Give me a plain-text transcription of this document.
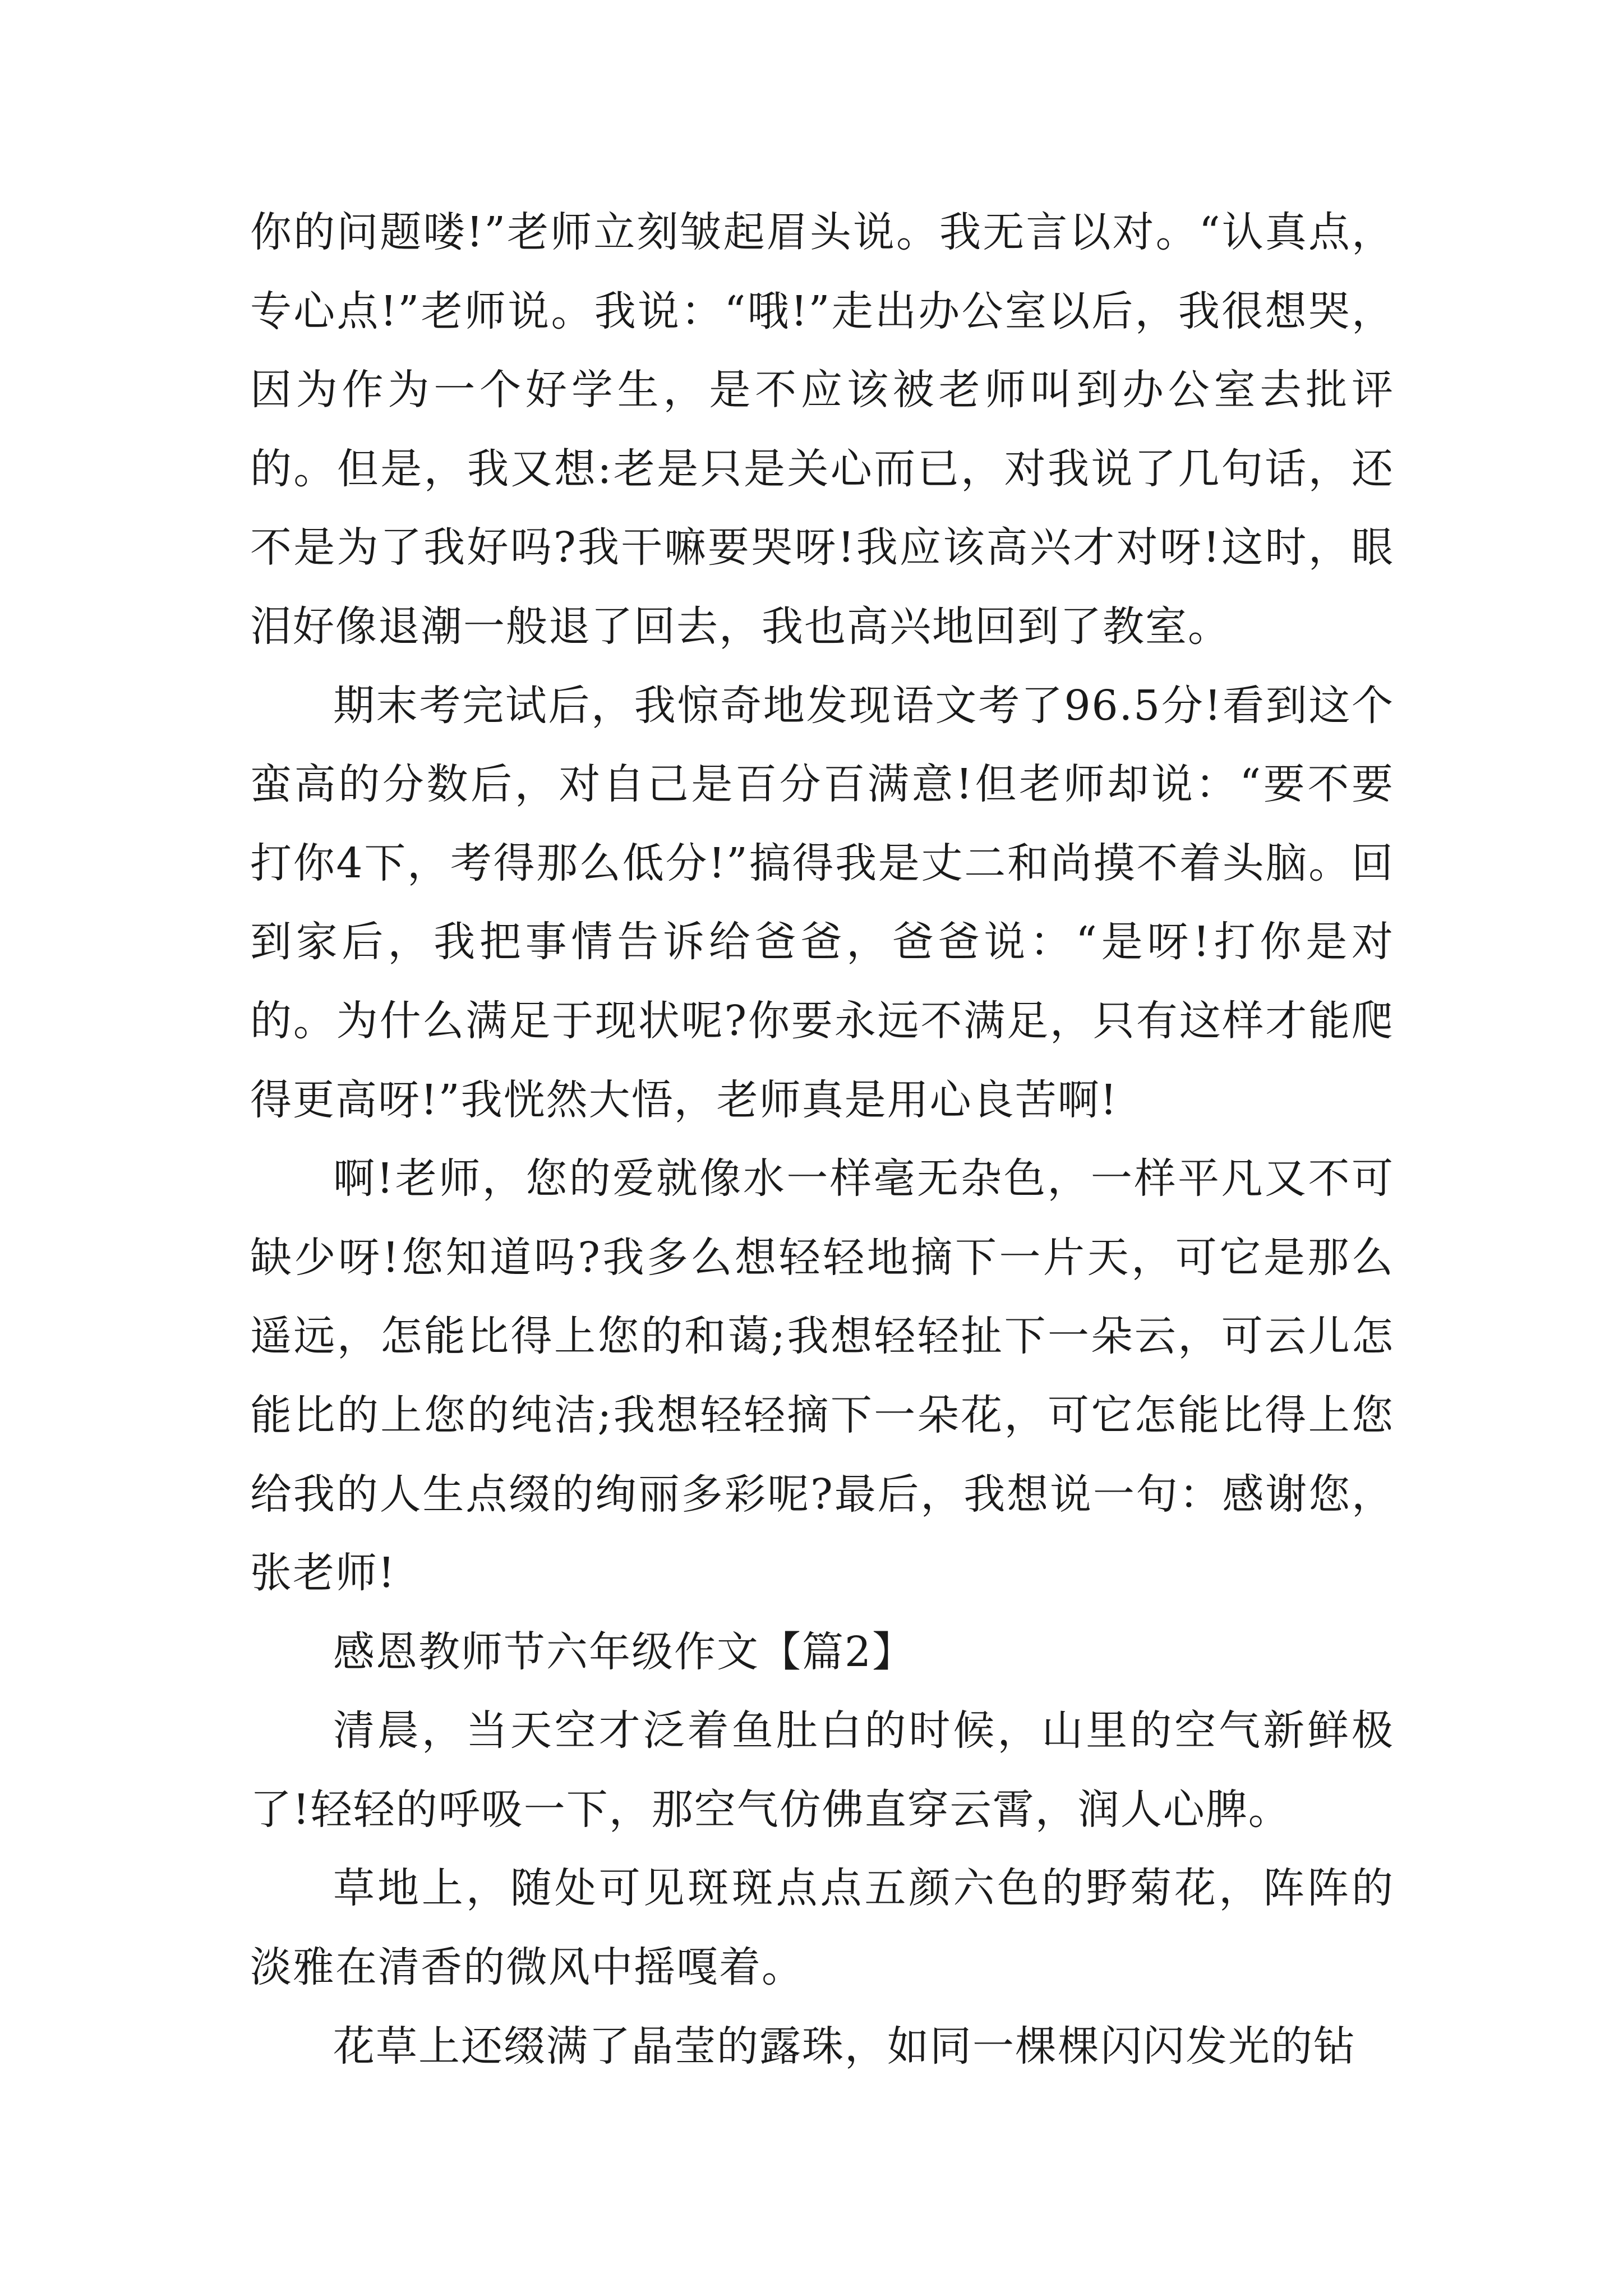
你的问题喽!”老师立刻皱起眉头说。我无言以对。“认真点，专心点!”老师说。我说：“哦!”走出办公室以后，我很想哭，因为作为一个好学生，是不应该被老师叫到办公室去批评的。但是，我又想:老是只是关心而已，对我说了几句话，还不是为了我好吗?我干嘛要哭呀!我应该高兴才对呀!这时，眼泪好像退潮一般退了回去，我也高兴地回到了教室。

期末考完试后，我惊奇地发现语文考了96.5分!看到这个蛮高的分数后，对自己是百分百满意!但老师却说：“要不要打你4下，考得那么低分!”搞得我是丈二和尚摸不着头脑。回到家后，我把事情告诉给爸爸，爸爸说：“是呀!打你是对的。为什么满足于现状呢?你要永远不满足，只有这样才能爬得更高呀!”我恍然大悟，老师真是用心良苦啊!

啊!老师，您的爱就像水一样毫无杂色，一样平凡又不可缺少呀!您知道吗?我多么想轻轻地摘下一片天，可它是那么遥远，怎能比得上您的和蔼;我想轻轻扯下一朵云，可云儿怎能比的上您的纯洁;我想轻轻摘下一朵花，可它怎能比得上您给我的人生点缀的绚丽多彩呢?最后，我想说一句：感谢您，张老师!

感恩教师节六年级作文【篇2】

清晨，当天空才泛着鱼肚白的时候，山里的空气新鲜极了!轻轻的呼吸一下，那空气仿佛直穿云霄，润人心脾。

草地上，随处可见斑斑点点五颜六色的野菊花，阵阵的淡雅在清香的微风中摇嘎着。

花草上还缀满了晶莹的露珠，如同一棵棵闪闪发光的钻
